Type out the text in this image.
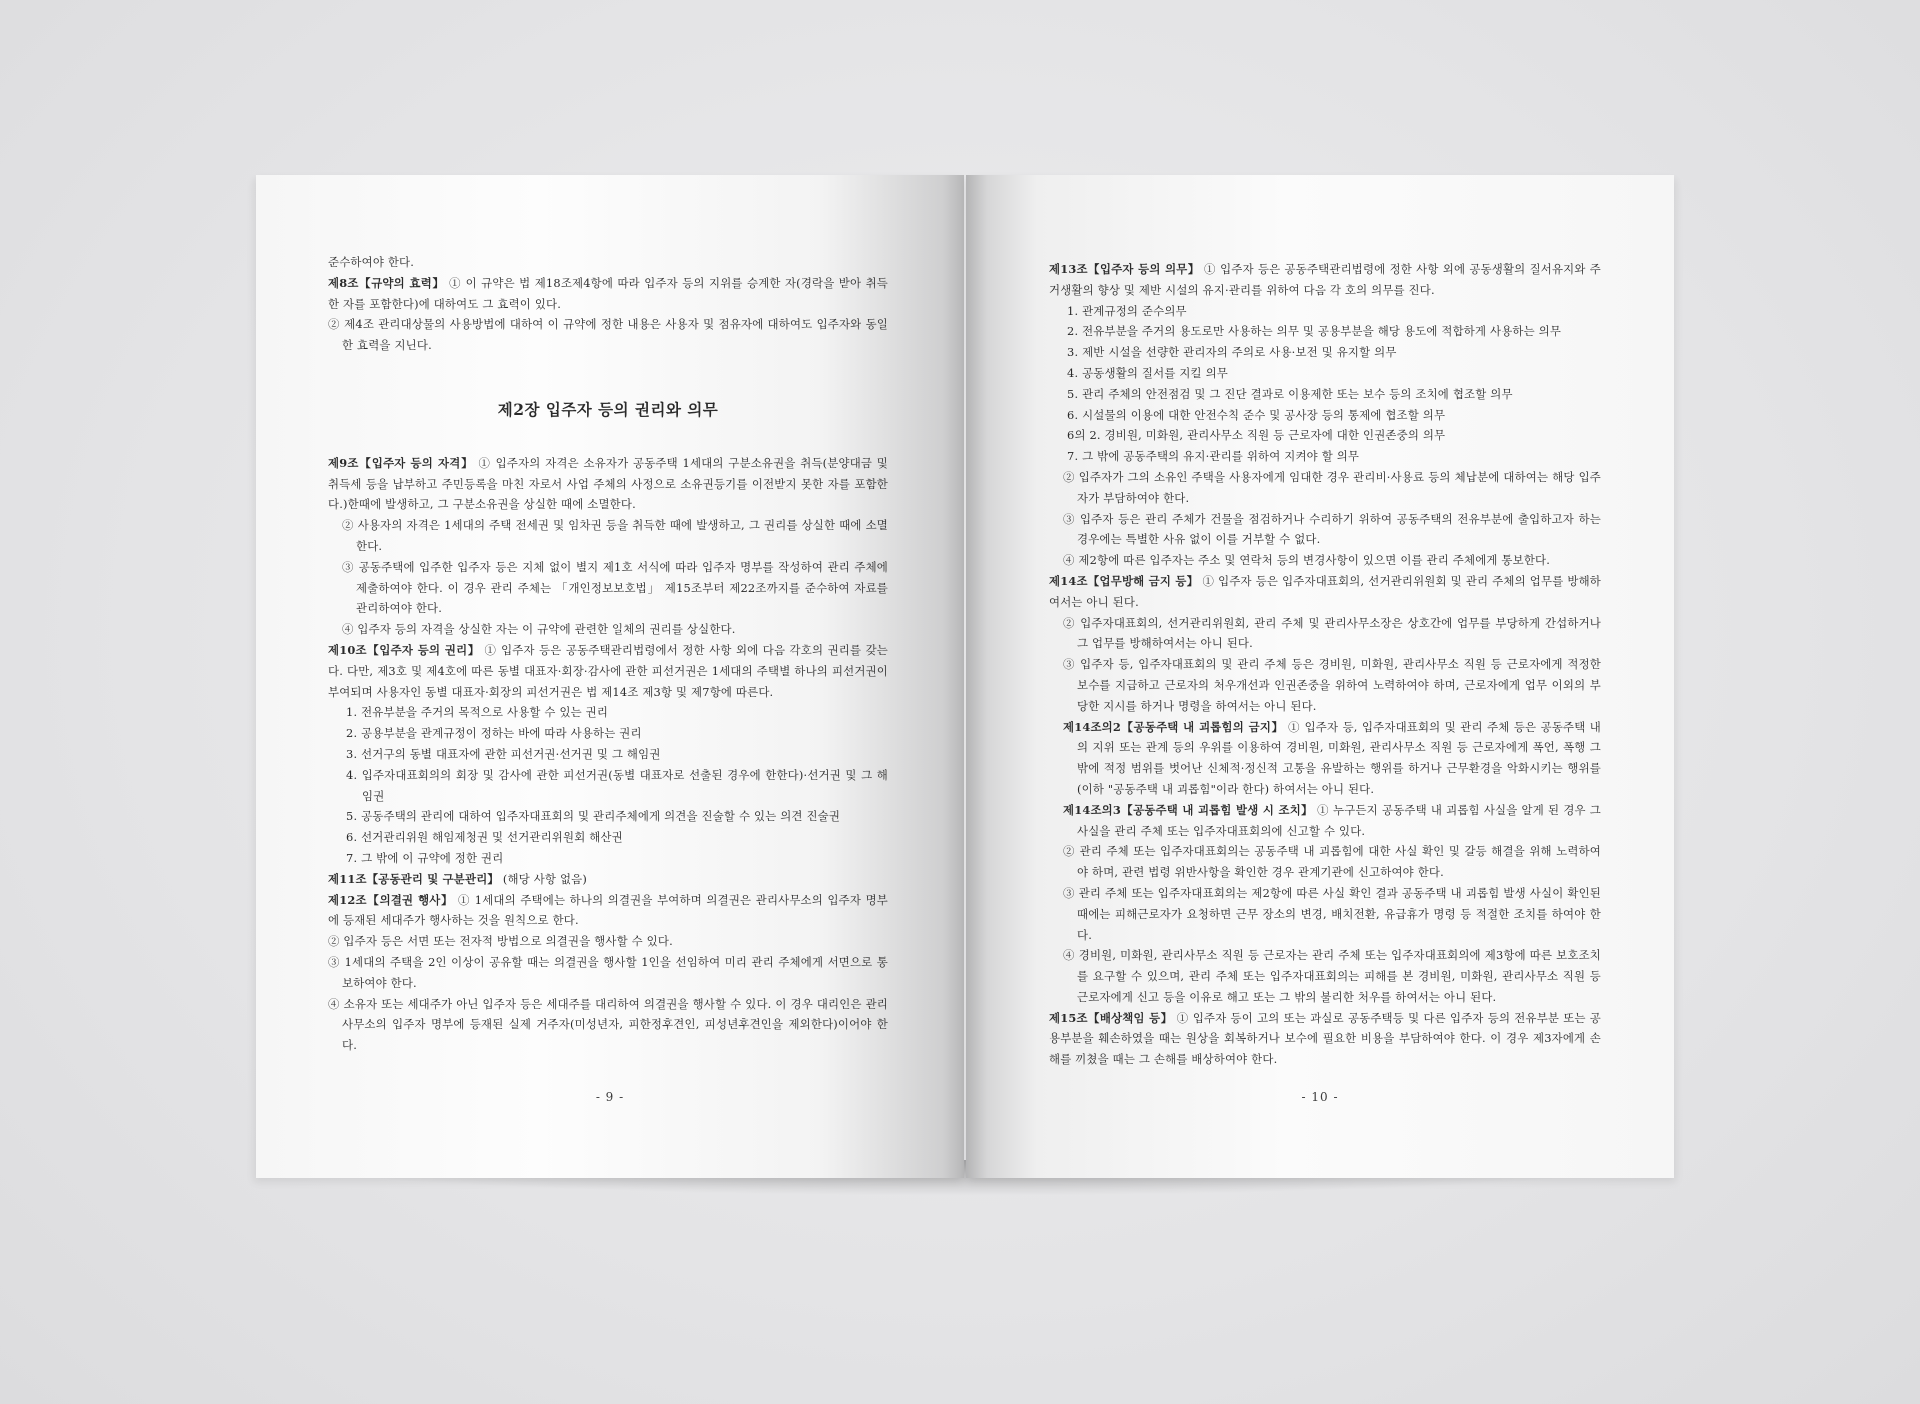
준수하여야 한다.

제8조【규약의 효력】 ① 이 규약은 법 제18조제4항에 따라 입주자 등의 지위를 승계한 자(경락을 받아 취득한 자를 포함한다)에 대하여도 그 효력이 있다.

② 제4조 관리대상물의 사용방법에 대하여 이 규약에 정한 내용은 사용자 및 점유자에 대하여도 입주자와 동일한 효력을 지닌다.

제2장 입주자 등의 권리와 의무

제9조【입주자 등의 자격】 ① 입주자의 자격은 소유자가 공동주택 1세대의 구분소유권을 취득(분양대금 및 취득세 등을 납부하고 주민등록을 마친 자로서 사업 주체의 사정으로 소유권등기를 이전받지 못한 자를 포함한다.)한때에 발생하고, 그 구분소유권을 상실한 때에 소멸한다.

② 사용자의 자격은 1세대의 주택 전세권 및 임차권 등을 취득한 때에 발생하고, 그 권리를 상실한 때에 소멸한다.

③ 공동주택에 입주한 입주자 등은 지체 없이 별지 제1호 서식에 따라 입주자 명부를 작성하여 관리 주체에 제출하여야 한다. 이 경우 관리 주체는 「개인정보보호법」 제15조부터 제22조까지를 준수하여 자료를 관리하여야 한다.

④ 입주자 등의 자격을 상실한 자는 이 규약에 관련한 일체의 권리를 상실한다.

제10조【입주자 등의 권리】 ① 입주자 등은 공동주택관리법령에서 정한 사항 외에 다음 각호의 권리를 갖는다. 다만, 제3호 및 제4호에 따른 동별 대표자·회장·감사에 관한 피선거권은 1세대의 주택별 하나의 피선거권이 부여되며 사용자인 동별 대표자·회장의 피선거권은 법 제14조 제3항 및 제7항에 따른다.

1. 전유부분을 주거의 목적으로 사용할 수 있는 권리

2. 공용부분을 관계규정이 정하는 바에 따라 사용하는 권리

3. 선거구의 동별 대표자에 관한 피선거권·선거권 및 그 해임권

4. 입주자대표회의의 회장 및 감사에 관한 피선거권(동별 대표자로 선출된 경우에 한한다)·선거권 및 그 해임권

5. 공동주택의 관리에 대하여 입주자대표회의 및 관리주체에게 의견을 진술할 수 있는 의견 진술권

6. 선거관리위원 해임제청권 및 선거관리위원회 해산권

7. 그 밖에 이 규약에 정한 권리

제11조【공동관리 및 구분관리】 (해당 사항 없음)

제12조【의결권 행사】 ① 1세대의 주택에는 하나의 의결권을 부여하며 의결권은 관리사무소의 입주자 명부에 등재된 세대주가 행사하는 것을 원칙으로 한다.

② 입주자 등은 서면 또는 전자적 방법으로 의결권을 행사할 수 있다.

③ 1세대의 주택을 2인 이상이 공유할 때는 의결권을 행사할 1인을 선임하여 미리 관리 주체에게 서면으로 통보하여야 한다.

④ 소유자 또는 세대주가 아닌 입주자 등은 세대주를 대리하여 의결권을 행사할 수 있다. 이 경우 대리인은 관리사무소의 입주자 명부에 등재된 실제 거주자(미성년자, 피한정후견인, 피성년후견인을 제외한다)이어야 한다.

- 9 -

제13조【입주자 등의 의무】 ① 입주자 등은 공동주택관리법령에 정한 사항 외에 공동생활의 질서유지와 주거생활의 향상 및 제반 시설의 유지·관리를 위하여 다음 각 호의 의무를 진다.

1. 관계규정의 준수의무

2. 전유부분을 주거의 용도로만 사용하는 의무 및 공용부분을 해당 용도에 적합하게 사용하는 의무

3. 제반 시설을 선량한 관리자의 주의로 사용·보전 및 유지할 의무

4. 공동생활의 질서를 지킬 의무

5. 관리 주체의 안전점검 및 그 진단 결과로 이용제한 또는 보수 등의 조치에 협조할 의무

6. 시설물의 이용에 대한 안전수칙 준수 및 공사장 등의 통제에 협조할 의무

6의 2. 경비원, 미화원, 관리사무소 직원 등 근로자에 대한 인권존중의 의무

7. 그 밖에 공동주택의 유지·관리를 위하여 지켜야 할 의무

② 입주자가 그의 소유인 주택을 사용자에게 임대한 경우 관리비·사용료 등의 체납분에 대하여는 해당 입주자가 부담하여야 한다.

③ 입주자 등은 관리 주체가 건물을 점검하거나 수리하기 위하여 공동주택의 전유부분에 출입하고자 하는 경우에는 특별한 사유 없이 이를 거부할 수 없다.

④ 제2항에 따른 입주자는 주소 및 연락처 등의 변경사항이 있으면 이를 관리 주체에게 통보한다.

제14조【업무방해 금지 등】 ① 입주자 등은 입주자대표회의, 선거관리위원회 및 관리 주체의 업무를 방해하여서는 아니 된다.

② 입주자대표회의, 선거관리위원회, 관리 주체 및 관리사무소장은 상호간에 업무를 부당하게 간섭하거나 그 업무를 방해하여서는 아니 된다.

③ 입주자 등, 입주자대표회의 및 관리 주체 등은 경비원, 미화원, 관리사무소 직원 등 근로자에게 적정한 보수를 지급하고 근로자의 처우개선과 인권존중을 위하여 노력하여야 하며, 근로자에게 업무 이외의 부당한 지시를 하거나 명령을 하여서는 아니 된다.

제14조의2【공동주택 내 괴롭힘의 금지】 ① 입주자 등, 입주자대표회의 및 관리 주체 등은 공동주택 내의 지위 또는 관계 등의 우위를 이용하여 경비원, 미화원, 관리사무소 직원 등 근로자에게 폭언, 폭행 그 밖에 적정 범위를 벗어난 신체적·정신적 고통을 유발하는 행위를 하거나 근무환경을 악화시키는 행위를(이하 "공동주택 내 괴롭힘"이라 한다) 하여서는 아니 된다.

제14조의3【공동주택 내 괴롭힘 발생 시 조치】 ① 누구든지 공동주택 내 괴롭힘 사실을 알게 된 경우 그 사실을 관리 주체 또는 입주자대표회의에 신고할 수 있다.

② 관리 주체 또는 입주자대표회의는 공동주택 내 괴롭힘에 대한 사실 확인 및 갈등 해결을 위해 노력하여야 하며, 관련 법령 위반사항을 확인한 경우 관계기관에 신고하여야 한다.

③ 관리 주체 또는 입주자대표회의는 제2항에 따른 사실 확인 결과 공동주택 내 괴롭힘 발생 사실이 확인된 때에는 피해근로자가 요청하면 근무 장소의 변경, 배치전환, 유급휴가 명령 등 적절한 조치를 하여야 한다.

④ 경비원, 미화원, 관리사무소 직원 등 근로자는 관리 주체 또는 입주자대표회의에 제3항에 따른 보호조치를 요구할 수 있으며, 관리 주체 또는 입주자대표회의는 피해를 본 경비원, 미화원, 관리사무소 직원 등 근로자에게 신고 등을 이유로 해고 또는 그 밖의 불리한 처우를 하여서는 아니 된다.

제15조【배상책임 등】 ① 입주자 등이 고의 또는 과실로 공동주택등 및 다른 입주자 등의 전유부분 또는 공용부분을 훼손하였을 때는 원상을 회복하거나 보수에 필요한 비용을 부담하여야 한다. 이 경우 제3자에게 손해를 끼쳤을 때는 그 손해를 배상하여야 한다.

- 10 -
